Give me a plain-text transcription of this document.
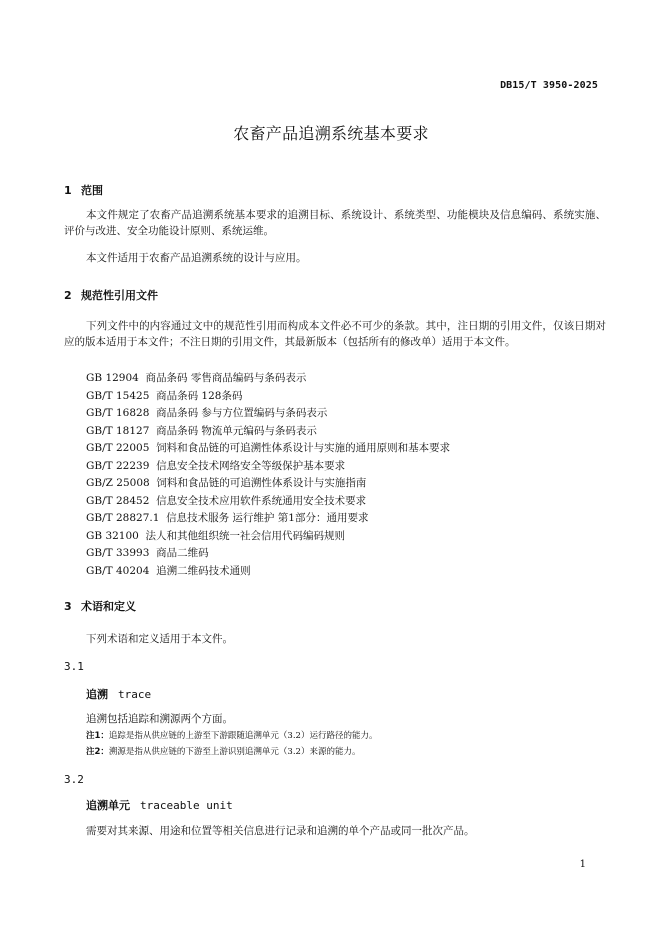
DB15/T 3950-2025
农畜产品追溯系统基本要求
1 范围

本文件规定了农畜产品追溯系统基本要求的追溯目标、系统设计、系统类型、功能模块及信息编码、系统实施、评价与改进、安全功能设计原则、系统运维。

本文件适用于农畜产品追溯系统的设计与应用。

2 规范性引用文件

下列文件中的内容通过文中的规范性引用而构成本文件必不可少的条款。其中，注日期的引用文件，仅该日期对应的版本适用于本文件；不注日期的引用文件，其最新版本（包括所有的修改单）适用于本文件。

GB 12904 商品条码 零售商品编码与条码表示
GB/T 15425 商品条码 128条码
GB/T 16828 商品条码 参与方位置编码与条码表示
GB/T 18127 商品条码 物流单元编码与条码表示
GB/T 22005 饲料和食品链的可追溯性体系设计与实施的通用原则和基本要求
GB/T 22239 信息安全技术网络安全等级保护基本要求
GB/Z 25008 饲料和食品链的可追溯性体系设计与实施指南
GB/T 28452 信息安全技术应用软件系统通用安全技术要求
GB/T 28827.1 信息技术服务 运行维护 第1部分：通用要求
GB 32100 法人和其他组织统一社会信用代码编码规则
GB/T 33993 商品二维码
GB/T 40204 追溯二维码技术通则
3 术语和定义
下列术语和定义适用于本文件。
3.1
追溯 trace
追溯包括追踪和溯源两个方面。
注1：追踪是指从供应链的上游至下游跟随追溯单元（3.2）运行路径的能力。
注2：溯源是指从供应链的下游至上游识别追溯单元（3.2）来源的能力。
3.2
追溯单元 traceable unit
需要对其来源、用途和位置等相关信息进行记录和追溯的单个产品或同一批次产品。
1
